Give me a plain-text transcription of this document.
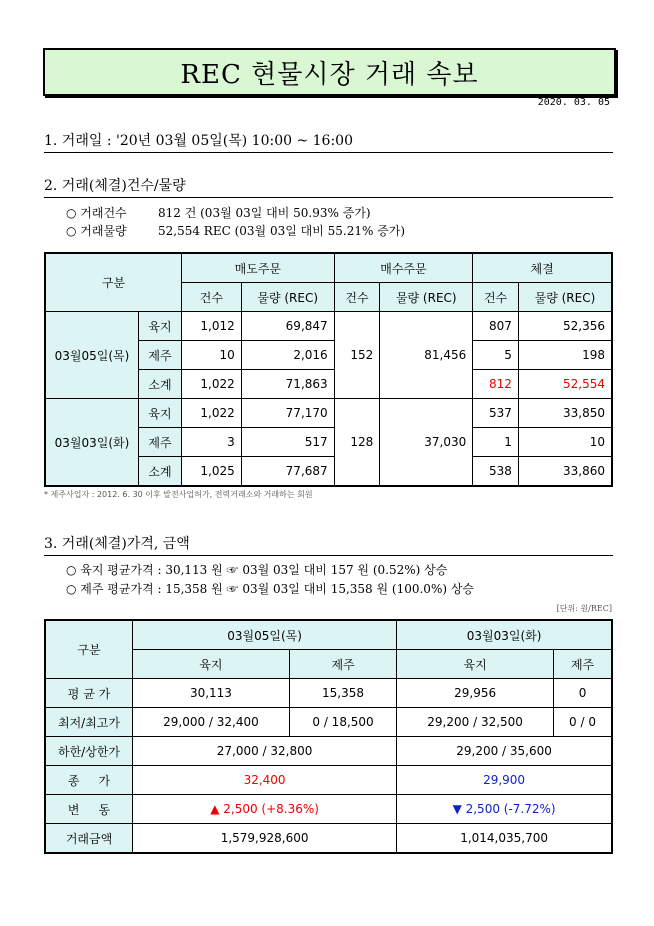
REC 현물시장 거래 속보
2020. 03. 05
1. 거래일 : '20년 03월 05일(목) 10:00 ~ 16:00
2. 거래(체결)건수/물량
○ 거래건수	812 건 (03월 03일 대비 50.93% 증가)
○ 거래물량	52,554 REC (03월 03일 대비 55.21% 증가)
구분		매도주문		매수주문		체결	
		건수	물량 (REC)	건수	물량 (REC)	건수	물량 (REC)
03월05일(목)	육지	1,012	69,847	152	81,456	807	52,356
	제주	10	2,016			5	198
	소계	1,022	71,863			812	52,554
03월03일(화)	육지	1,022	77,170	128	37,030	537	33,850
	제주	3	517			1	10
	소계	1,025	77,687			538	33,860
* 제주사업자 : 2012. 6. 30 이후 발전사업허가, 전력거래소와 거래하는 회원
3. 거래(체결)가격, 금액
○ 육지 평균가격 : 30,113 원 ☞ 03월 03일 대비 157 원 (0.52%) 상승
○ 제주 평균가격 : 15,358 원 ☞ 03월 03일 대비 15,358 원 (100.0%) 상승
[단위: 원/REC]
구분	03월05일(목)		03월03일(화)	
	육지	제주	육지	제주
평 균 가	30,113	15,358	29,956	0
최저/최고가	29,000 / 32,400	0 / 18,500	29,200 / 32,500	0 / 0
하한/상한가	27,000 / 32,800		29,200 / 35,600	
종     가	32,400		29,900	
변     동	▲ 2,500 (+8.36%)		▼ 2,500 (-7.72%)	
거래금액	1,579,928,600		1,014,035,700	
